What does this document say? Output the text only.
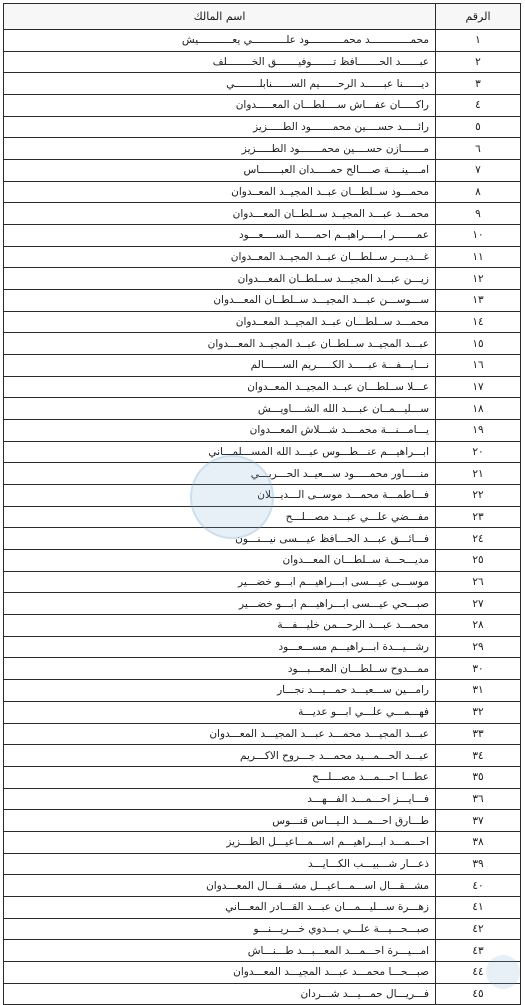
اسم المالك	الرقم
محمـــــــــــــد محمـــــــــــود علـــــــــــي يعـــــــــــيش	١
عبــــــد الحـــــــافظ تـــــــوفيـــــــق الخــــــــلف	٢
ديــــــنا عبــــــد الرحــــــيم الســــــنابلــــــــي	٣
راكـــــان عفـــاش ســــلطـــان المعـــــدوان	٤
رائـــــد حســــين محمـــــــود الطـــــزيز	٥
مـــــــازن حســــين محمـــــــود الطـــــزيز	٦
امــــينــــة صــــالح حمـــــدان العبـــــــاس	٧
محمـــود ســلطـــان عبــد المجيــد المعــدوان	٨
محمـــد عبـــد المجيــد ســلطــان المعـــدوان	٩
عمـــــــر ابـــــراهيــم احمـــــد الســــعـــود	١٠
غـــديـــر ســلطـــان عبــد المجيــد المعــدوان	١١
زيـــن عبـــد المجيـــد ســلطــان المعـــدوان	١٢
ســـوســـن عبـــد المجيـــد ســلطــان المعـــدوان	١٣
محمـــد ســلطـــان عبــد المجيــد المعــدوان	١٤
عبـــد المجيــد ســلطــان عبــد المجيــد المعـــدوان	١٥
نـــايـــفـــة عبـــــد الكـــــريم الســــــالم	١٦
عـــلا ســلطـــان عبــد المجيــد المعــدوان	١٧
ســـليـــمــان عبــــد الله الشــــاويـــش	١٨
يـــامـــنـــة محمــــد شـــلاش المعـــدوان	١٩
ابـــراهيـــم عنـــطـــوس عبـــد الله المســـلمـــاني	٢٠
منـــــاور محمـــــود ســـعيــد الحـــربـــي	٢١
فـــاطمـــة محمـــد موســى الـــديـــلان	٢٢
مفـــضي علـــي عبـــد مصـــلـــح	٢٣
فـــائـــق عبـــد الحـــافظ عيـــسى نيـــنـــون	٢٤
مديـــحـــة ســلطـــان المعـــدوان	٢٥
موســـى عيـــسى ابـــراهيـــم ابـــو خضـــير	٢٦
صبـــحي عيـــسى ابـــراهيـــم ابـــو خضـــير	٢٧
محمـــد عبـــد الرحـــمن خليـــفـــة	٢٨
رشـــيـــدة ابـــراهيـــم مســـعـــود	٢٩
ممـــدوح ســلطـــان المعـــبـــود	٣٠
رامـــين ســـعيـــد حمـــيـــد نجـــار	٣١
فهـــمـــي علـــي ابـــو عديـــة	٣٢
عبـــد المجيـــد محمـــد عبـــد المجيـــد المعـــدوان	٣٣
عبـــد الحـــمـــيد محمـــد جـــروح الاكـــريم	٣٤
عطـــا احـــمـــد مصـــلـــح	٣٥
فـــايـــز احـــمـــد الفـــهـــد	٣٦
طـــارق احـــمـــد الـيـــاس قنـــوس	٣٧
احـــمـــد ابـــراهيـــم اســـمـــاعيـــل الطـــزيز	٣٨
ذعـــار شـــبيـــب الكـــايـــد	٣٩
مشـــقـــال اســـمـــاعيـــل مشـــقـــال المعـــدوان	٤٠
زهـــرة ســـليـــمـــان عبـــد القـــادر المعـــاني	٤١
صبـــحـــيـــة علـــي بـــدوي خـــريـــنـــو	٤٢
امـــيـــرة احـــمـــد المعـــبـــد طـــنـــاش	٤٣
صبـــحـــا محمـــد عبـــد المجيـــد المعـــدوان	٤٤
فـــريـــال حمـــيـــد شـــردان	٤٥
